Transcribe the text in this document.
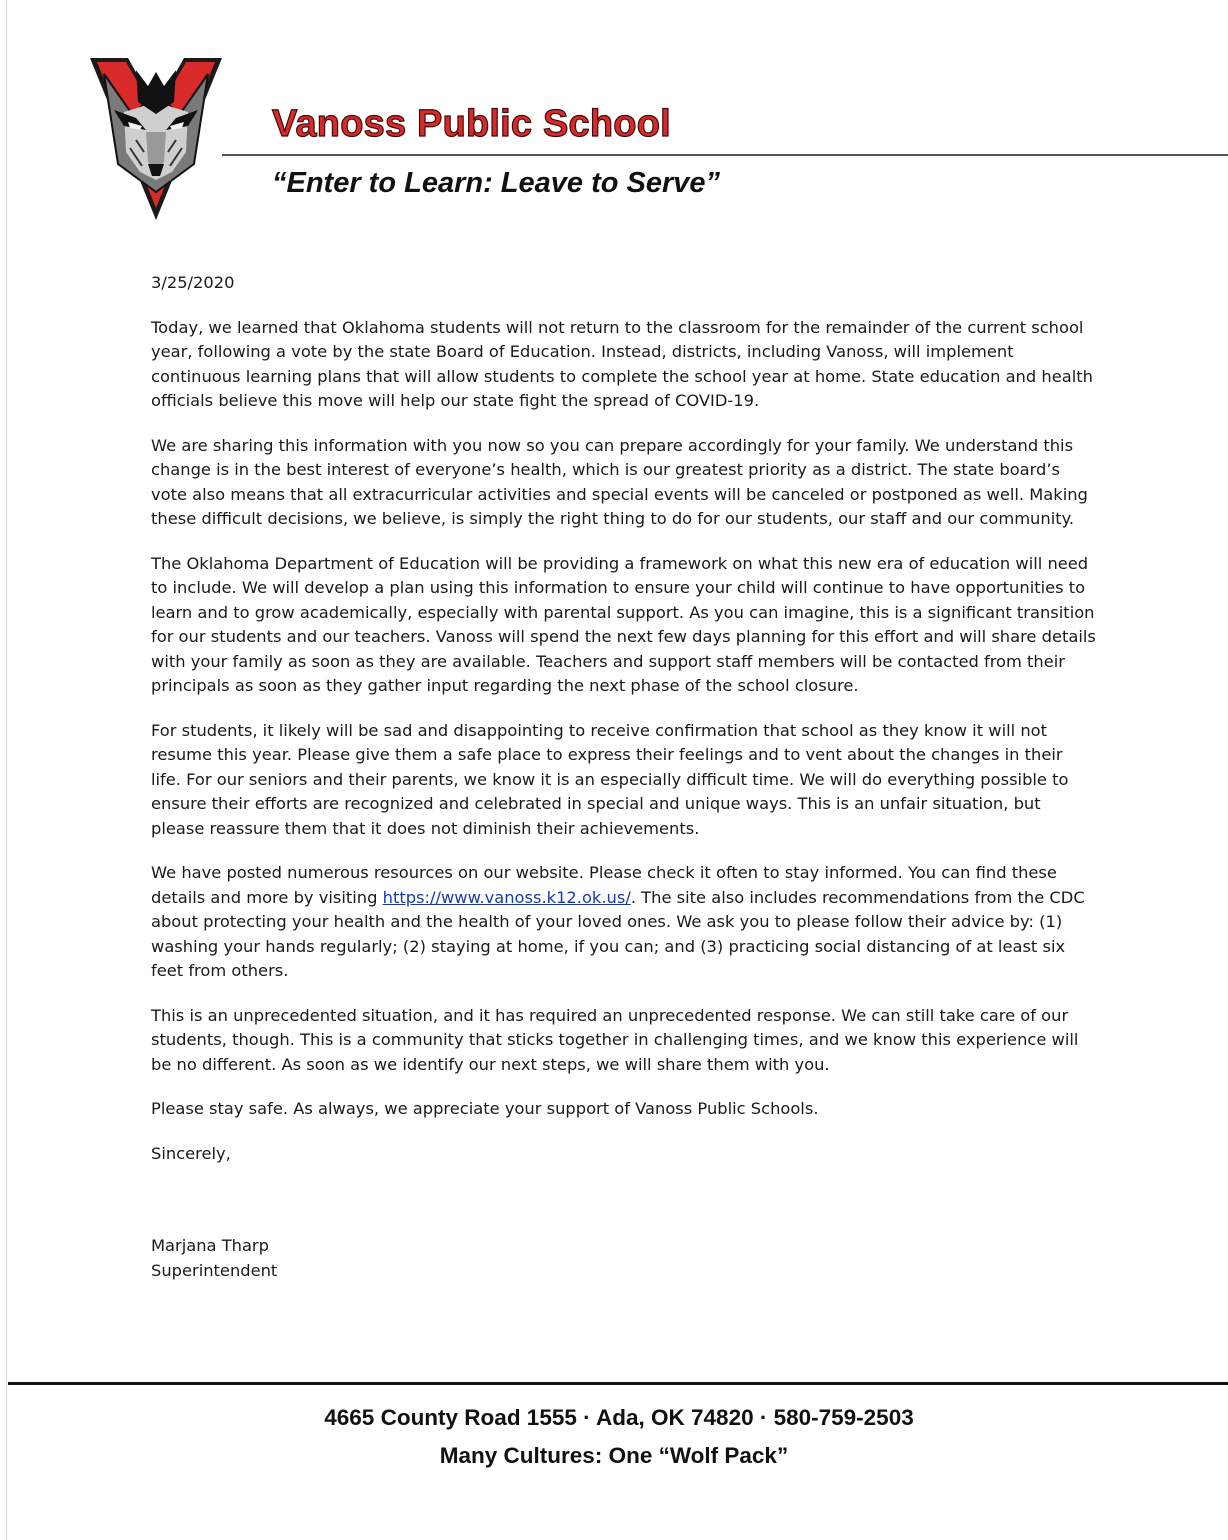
Vanoss Public School
“Enter to Learn: Leave to Serve”

3/25/2020

Today, we learned that Oklahoma students will not return to the classroom for the remainder of the current school year, following a vote by the state Board of Education. Instead, districts, including Vanoss, will implement continuous learning plans that will allow students to complete the school year at home. State education and health officials believe this move will help our state fight the spread of COVID-19.

We are sharing this information with you now so you can prepare accordingly for your family. We understand this change is in the best interest of everyone’s health, which is our greatest priority as a district. The state board’s vote also means that all extracurricular activities and special events will be canceled or postponed as well. Making these difficult decisions, we believe, is simply the right thing to do for our students, our staff and our community.

The Oklahoma Department of Education will be providing a framework on what this new era of education will need to include. We will develop a plan using this information to ensure your child will continue to have opportunities to learn and to grow academically, especially with parental support. As you can imagine, this is a significant transition for our students and our teachers. Vanoss will spend the next few days planning for this effort and will share details with your family as soon as they are available. Teachers and support staff members will be contacted from their principals as soon as they gather input regarding the next phase of the school closure.

For students, it likely will be sad and disappointing to receive confirmation that school as they know it will not resume this year. Please give them a safe place to express their feelings and to vent about the changes in their life. For our seniors and their parents, we know it is an especially difficult time. We will do everything possible to ensure their efforts are recognized and celebrated in special and unique ways. This is an unfair situation, but please reassure them that it does not diminish their achievements.

We have posted numerous resources on our website. Please check it often to stay informed. You can find these details and more by visiting https://www.vanoss.k12.ok.us/. The site also includes recommendations from the CDC about protecting your health and the health of your loved ones. We ask you to please follow their advice by: (1) washing your hands regularly; (2) staying at home, if you can; and (3) practicing social distancing of at least six feet from others.

This is an unprecedented situation, and it has required an unprecedented response. We can still take care of our students, though. This is a community that sticks together in challenging times, and we know this experience will be no different. As soon as we identify our next steps, we will share them with you.

Please stay safe. As always, we appreciate your support of Vanoss Public Schools.

Sincerely,

Marjana Tharp
Superintendent
4665 County Road 1555 · Ada, OK 74820 · 580-759-2503
Many Cultures: One “Wolf Pack”
